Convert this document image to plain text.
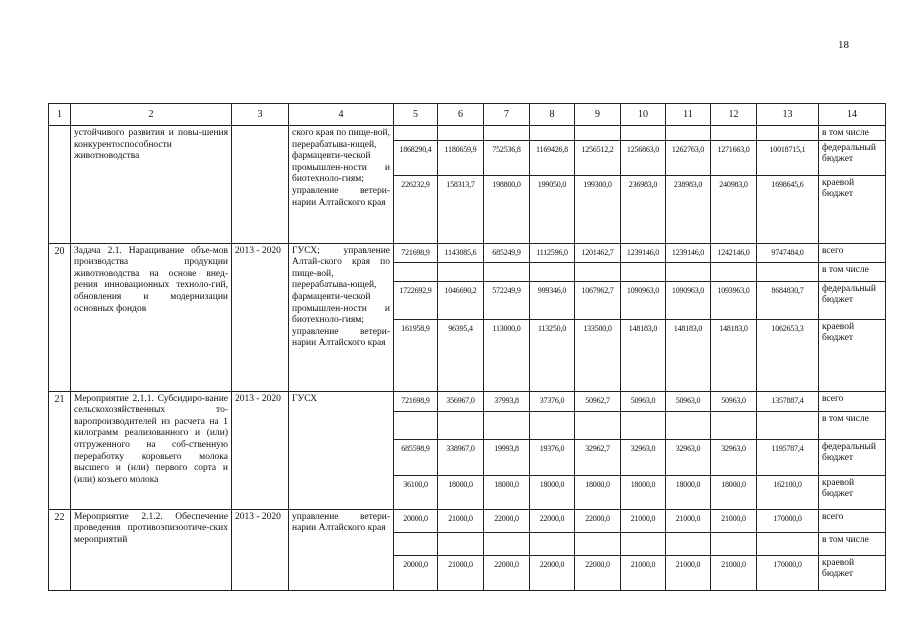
18
1	2	3	4	5	6	7	8	9	10	11	12	13	14
	устойчивого развития и повы-шения конкурентоспособности животноводства		ского края по пище-вой, перерабатыва-ющей, фармацевти-ческой промышлен-ности и биотехноло-гиям; управление ветери-нарии Алтайского края										в том числе
				1868290,4	1180659,9	752536,8	1169426,8	1256512,2	1256863,0	1262763,0	1271663,0	10018715,1	федеральный бюджет
				226232,9	158313,7	198800,0	199050,0	199300,0	236983,0	238983,0	240983,0	1698645,6	краевой бюджет
20	Задача 2.1. Наращивание объе-мов производства продукции животноводства на основе внед-рения инновационных техноло-гий, обновления и модернизации основных фондов	2013 - 2020	ГУСХ; управление Алтай-ского края по пище-вой, перерабатыва-ющей, фармацевти-ческой промышлен-ности и биотехноло-гиям; управление ветери-нарии Алтайского края	721698,9	1143085,6	685249,9	1112596,0	1201462,7	1239146,0	1239146,0	1242146,0	9747484,0	всего
													в том числе
				1722692,9	1046690,2	572249,9	999346,0	1067962,7	1090963,0	1090963,0	1093963,0	8684830,7	федеральный бюджет
				161958,9	96395,4	113000,0	113250,0	133500,0	148183,0	148183,0	148183,0	1062653,3	краевой бюджет
21	Мероприятие 2.1.1. Субсидиро-вание сельскохозяйственных то-варопроизводителей из расчета на 1 килограмм реализованного и (или) отгруженного на соб-ственную переработку коровьего молока высшего и (или) первого сорта и (или) козьего молока	2013 - 2020	ГУСХ	721698,9	356967,0	37993,8	37376,0	50962,7	50963,0	50963,0	50963,0	1357887,4	всего
													в том числе
				685598,9	338967,0	19993,8	19376,0	32962,7	32963,0	32963,0	32963,0	1195787,4	федеральный бюджет
				36100,0	18000,0	18000,0	18000,0	18000,0	18000,0	18000,0	18000,0	162100,0	краевой бюджет
22	Мероприятие 2.1.2. Обеспечение проведения противоэпизоотиче-ских мероприятий	2013 - 2020	управление ветери-нарии Алтайского края	20000,0	21000,0	22000,0	22000,0	22000,0	21000,0	21000,0	21000,0	170000,0	всего
													в том числе
				20000,0	21000,0	22000,0	22000,0	22000,0	21000,0	21000,0	21000,0	170000,0	краевой бюджет
